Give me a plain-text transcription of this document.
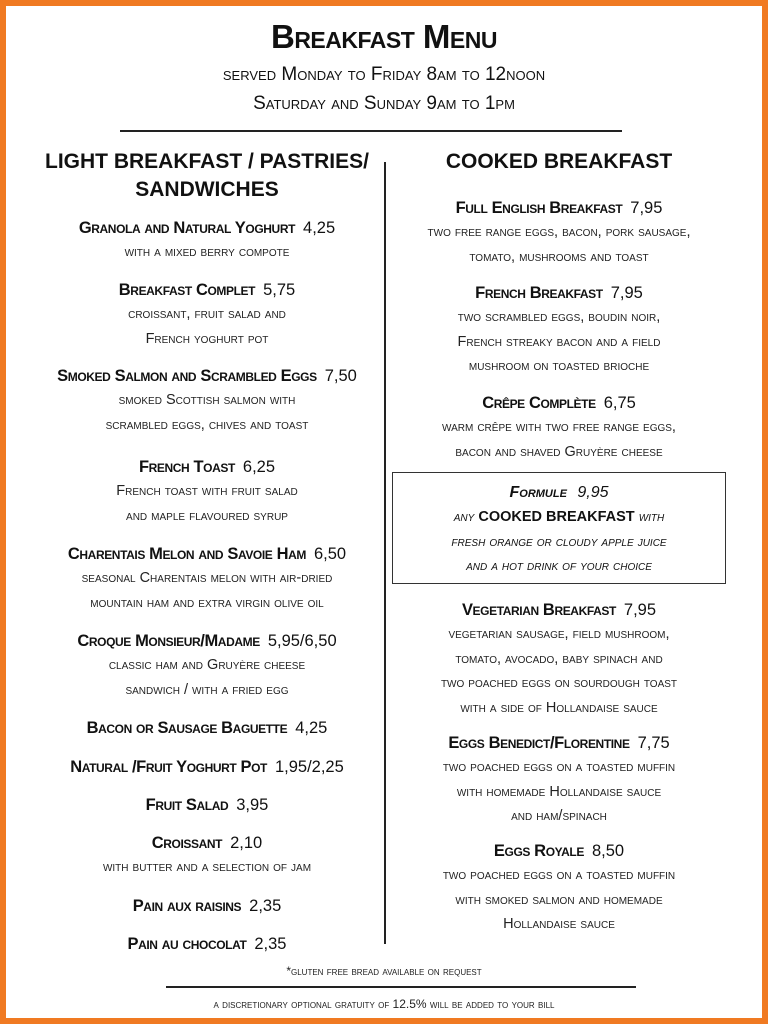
Breakfast Menu
served Monday to Friday 8am to 12noon
Saturday and Sunday 9am to 1pm
LIGHT BREAKFAST / PASTRIES/
SANDWICHES
Granola and Natural Yoghurt 4,25
with a mixed berry compote
Breakfast Complet 5,75
croissant, fruit salad and
French yoghurt pot
Smoked Salmon and Scrambled Eggs 7,50
smoked Scottish salmon with
scrambled eggs, chives and toast
French Toast 6,25
French toast with fruit salad
and maple flavoured syrup
Charentais Melon and Savoie Ham 6,50
seasonal Charentais melon with air-dried
mountain ham and extra virgin olive oil
Croque Monsieur/Madame 5,95/6,50
classic ham and Gruyère cheese
sandwich / with a fried egg
Bacon or Sausage Baguette 4,25
Natural /Fruit Yoghurt Pot 1,95/2,25
Fruit Salad 3,95
Croissant 2,10
with butter and a selection of jam
Pain aux raisins 2,35
Pain au chocolat 2,35
COOKED BREAKFAST
Full English Breakfast 7,95
two free range eggs, bacon, pork sausage,
tomato, mushrooms and toast
French Breakfast 7,95
two scrambled eggs, boudin noir,
French streaky bacon and a field
mushroom on toasted brioche
Crêpe Complète 6,75
warm crêpe with two free range eggs,
bacon and shaved Gruyère cheese
Formule 9,95
any COOKED BREAKFAST with
fresh orange or cloudy apple juice
and a hot drink of your choice
Vegetarian Breakfast 7,95
vegetarian sausage, field mushroom,
tomato, avocado, baby spinach and
two poached eggs on sourdough toast
with a side of Hollandaise sauce
Eggs Benedict/Florentine 7,75
two poached eggs on a toasted muffin
with homemade Hollandaise sauce
and ham/spinach
Eggs Royale 8,50
two poached eggs on a toasted muffin
with smoked salmon and homemade
Hollandaise sauce
*gluten free bread available on request
a discretionary optional gratuity of 12.5% will be added to your bill
